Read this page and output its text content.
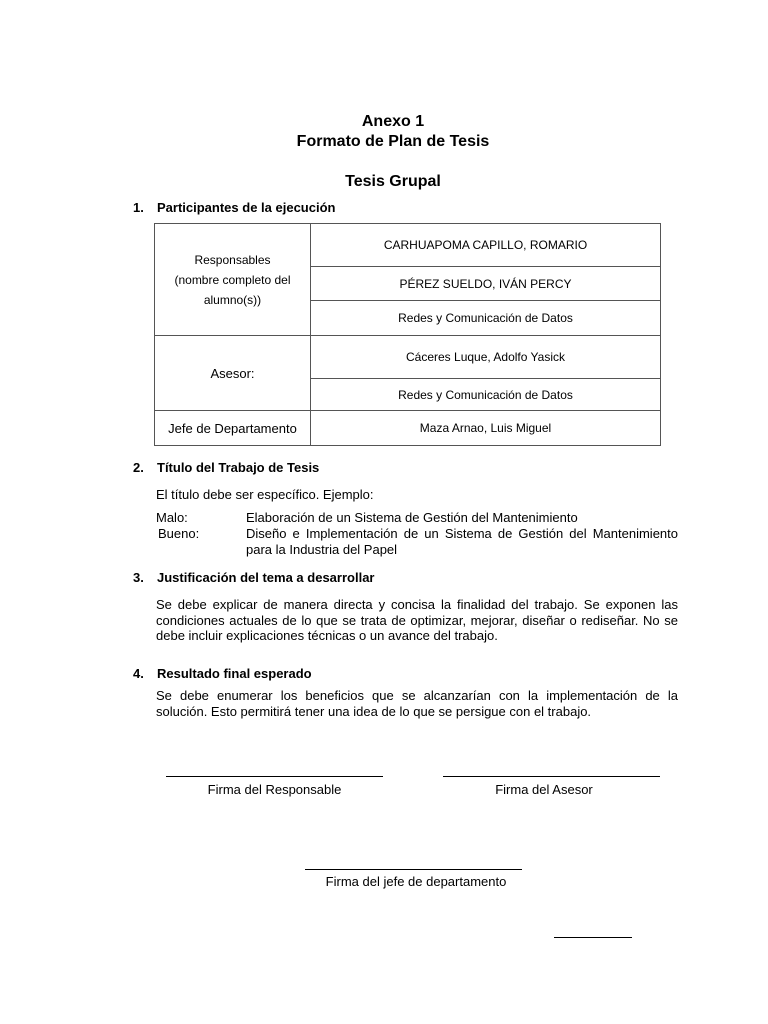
Anexo 1
Formato de Plan de Tesis
Tesis Grupal
1. Participantes de la ejecución
Responsables
(nombre completo del
alumno(s))	CARHUAPOMA CAPILLO, ROMARIO
	PÉREZ SUELDO, IVÁN PERCY
	Redes y Comunicación de Datos
Asesor:	Cáceres Luque, Adolfo Yasick
	Redes y Comunicación de Datos
Jefe de Departamento	Maza Arnao, Luis Miguel
2. Título del Trabajo de Tesis
El título debe ser específico. Ejemplo:
Malo:	Elaboración de un Sistema de Gestión del Mantenimiento
Bueno:	Diseño e Implementación de un Sistema de Gestión del Mantenimiento para la Industria del Papel
3. Justificación del tema a desarrollar
Se debe explicar de manera directa y concisa la finalidad del trabajo. Se exponen las condiciones actuales de lo que se trata de optimizar, mejorar, diseñar o rediseñar. No se debe incluir explicaciones técnicas o un avance del trabajo.
4. Resultado final esperado
Se debe enumerar los beneficios que se alcanzarían con la implementación de la solución. Esto permitirá tener una idea de lo que se persigue con el trabajo.
Firma del Responsable	Firma del Asesor
Firma del jefe de departamento
